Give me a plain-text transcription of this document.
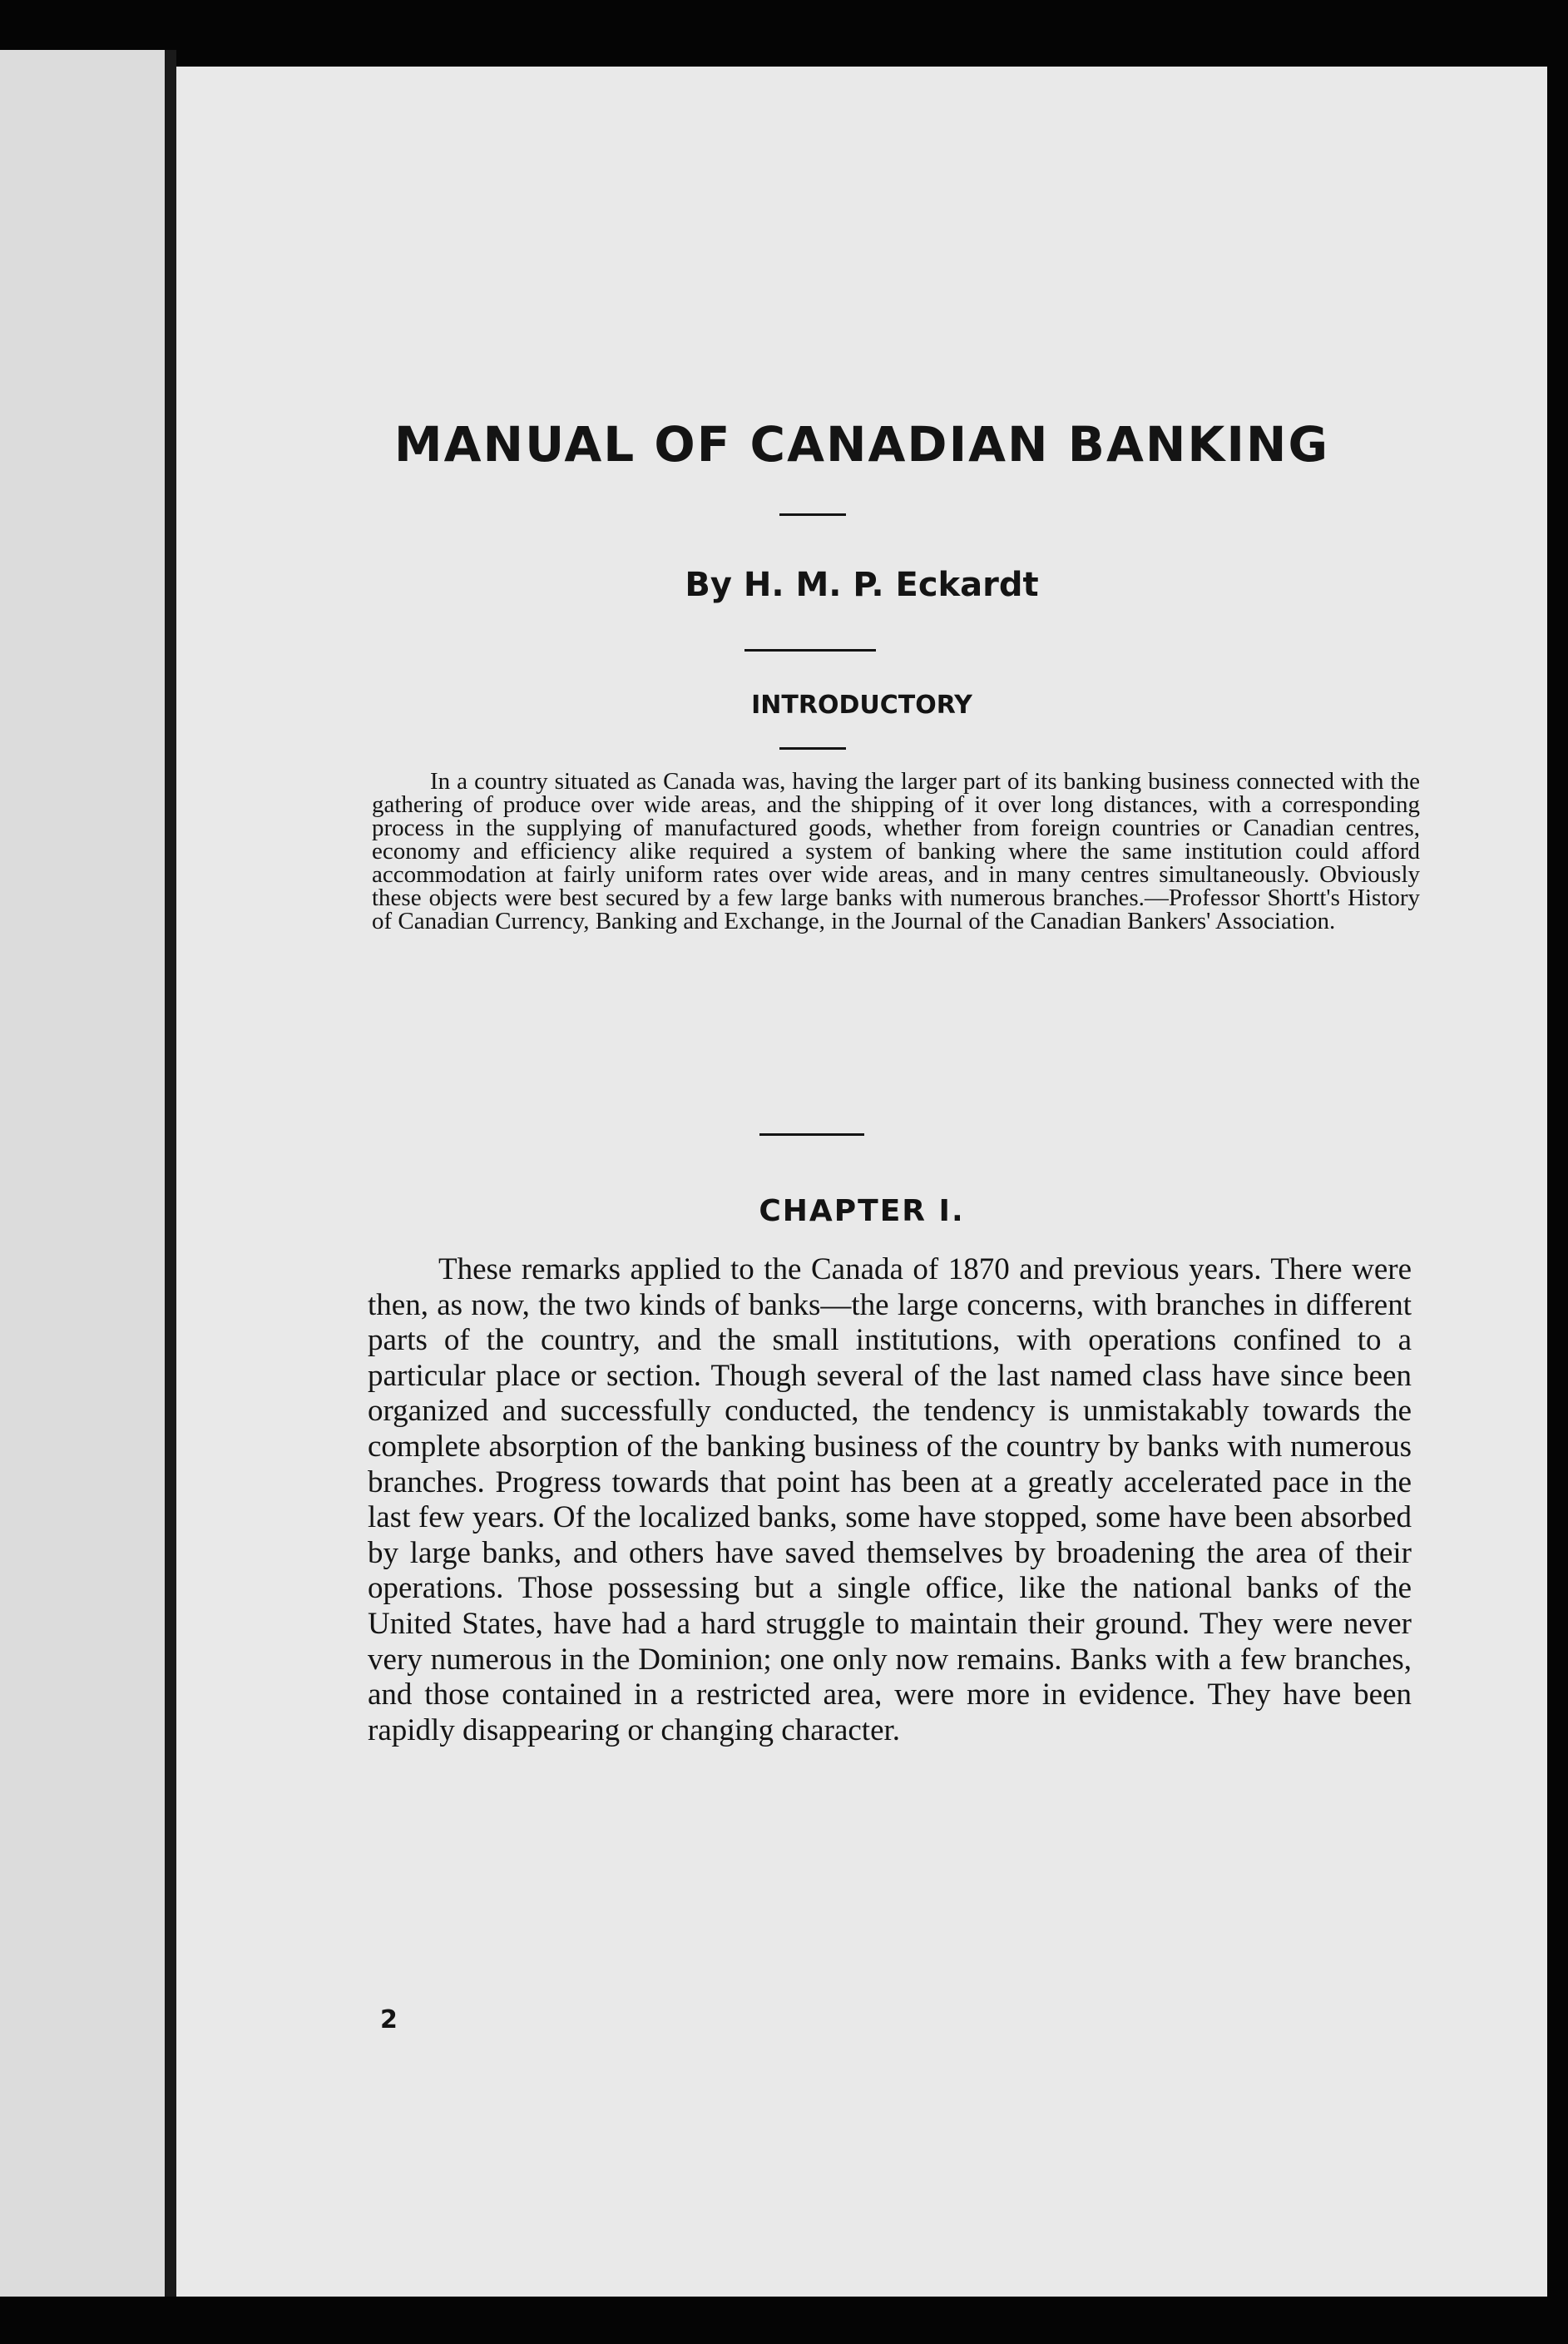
MANUAL OF CANADIAN BANKING
By H. M. P. Eckardt
INTRODUCTORY

In a country situated as Canada was, having the larger part of its banking business connected with the gathering of produce over wide areas, and the shipping of it over long distances, with a corresponding process in the supplying of manufactured goods, whether from foreign countries or Canadian centres, economy and efficiency alike required a system of banking where the same institution could afford accommodation at fairly uniform rates over wide areas, and in many centres simultaneously. Obviously these objects were best secured by a few large banks with numerous branches.—Professor Shortt's History of Canadian Currency, Banking and Exchange, in the Journal of the Canadian Bankers' Association.

CHAPTER I.

These remarks applied to the Canada of 1870 and previous years. There were then, as now, the two kinds of banks—the large concerns, with branches in different parts of the country, and the small institutions, with operations confined to a particular place or section. Though several of the last named class have since been organized and successfully conducted, the tendency is unmistakably towards the complete absorption of the banking business of the country by banks with numerous branches. Progress towards that point has been at a greatly accelerated pace in the last few years. Of the localized banks, some have stopped, some have been absorbed by large banks, and others have saved themselves by broadening the area of their operations. Those possessing but a single office, like the national banks of the United States, have had a hard struggle to maintain their ground. They were never very numerous in the Dominion; one only now remains. Banks with a few branches, and those contained in a restricted area, were more in evidence. They have been rapidly disappearing or changing character.

2
